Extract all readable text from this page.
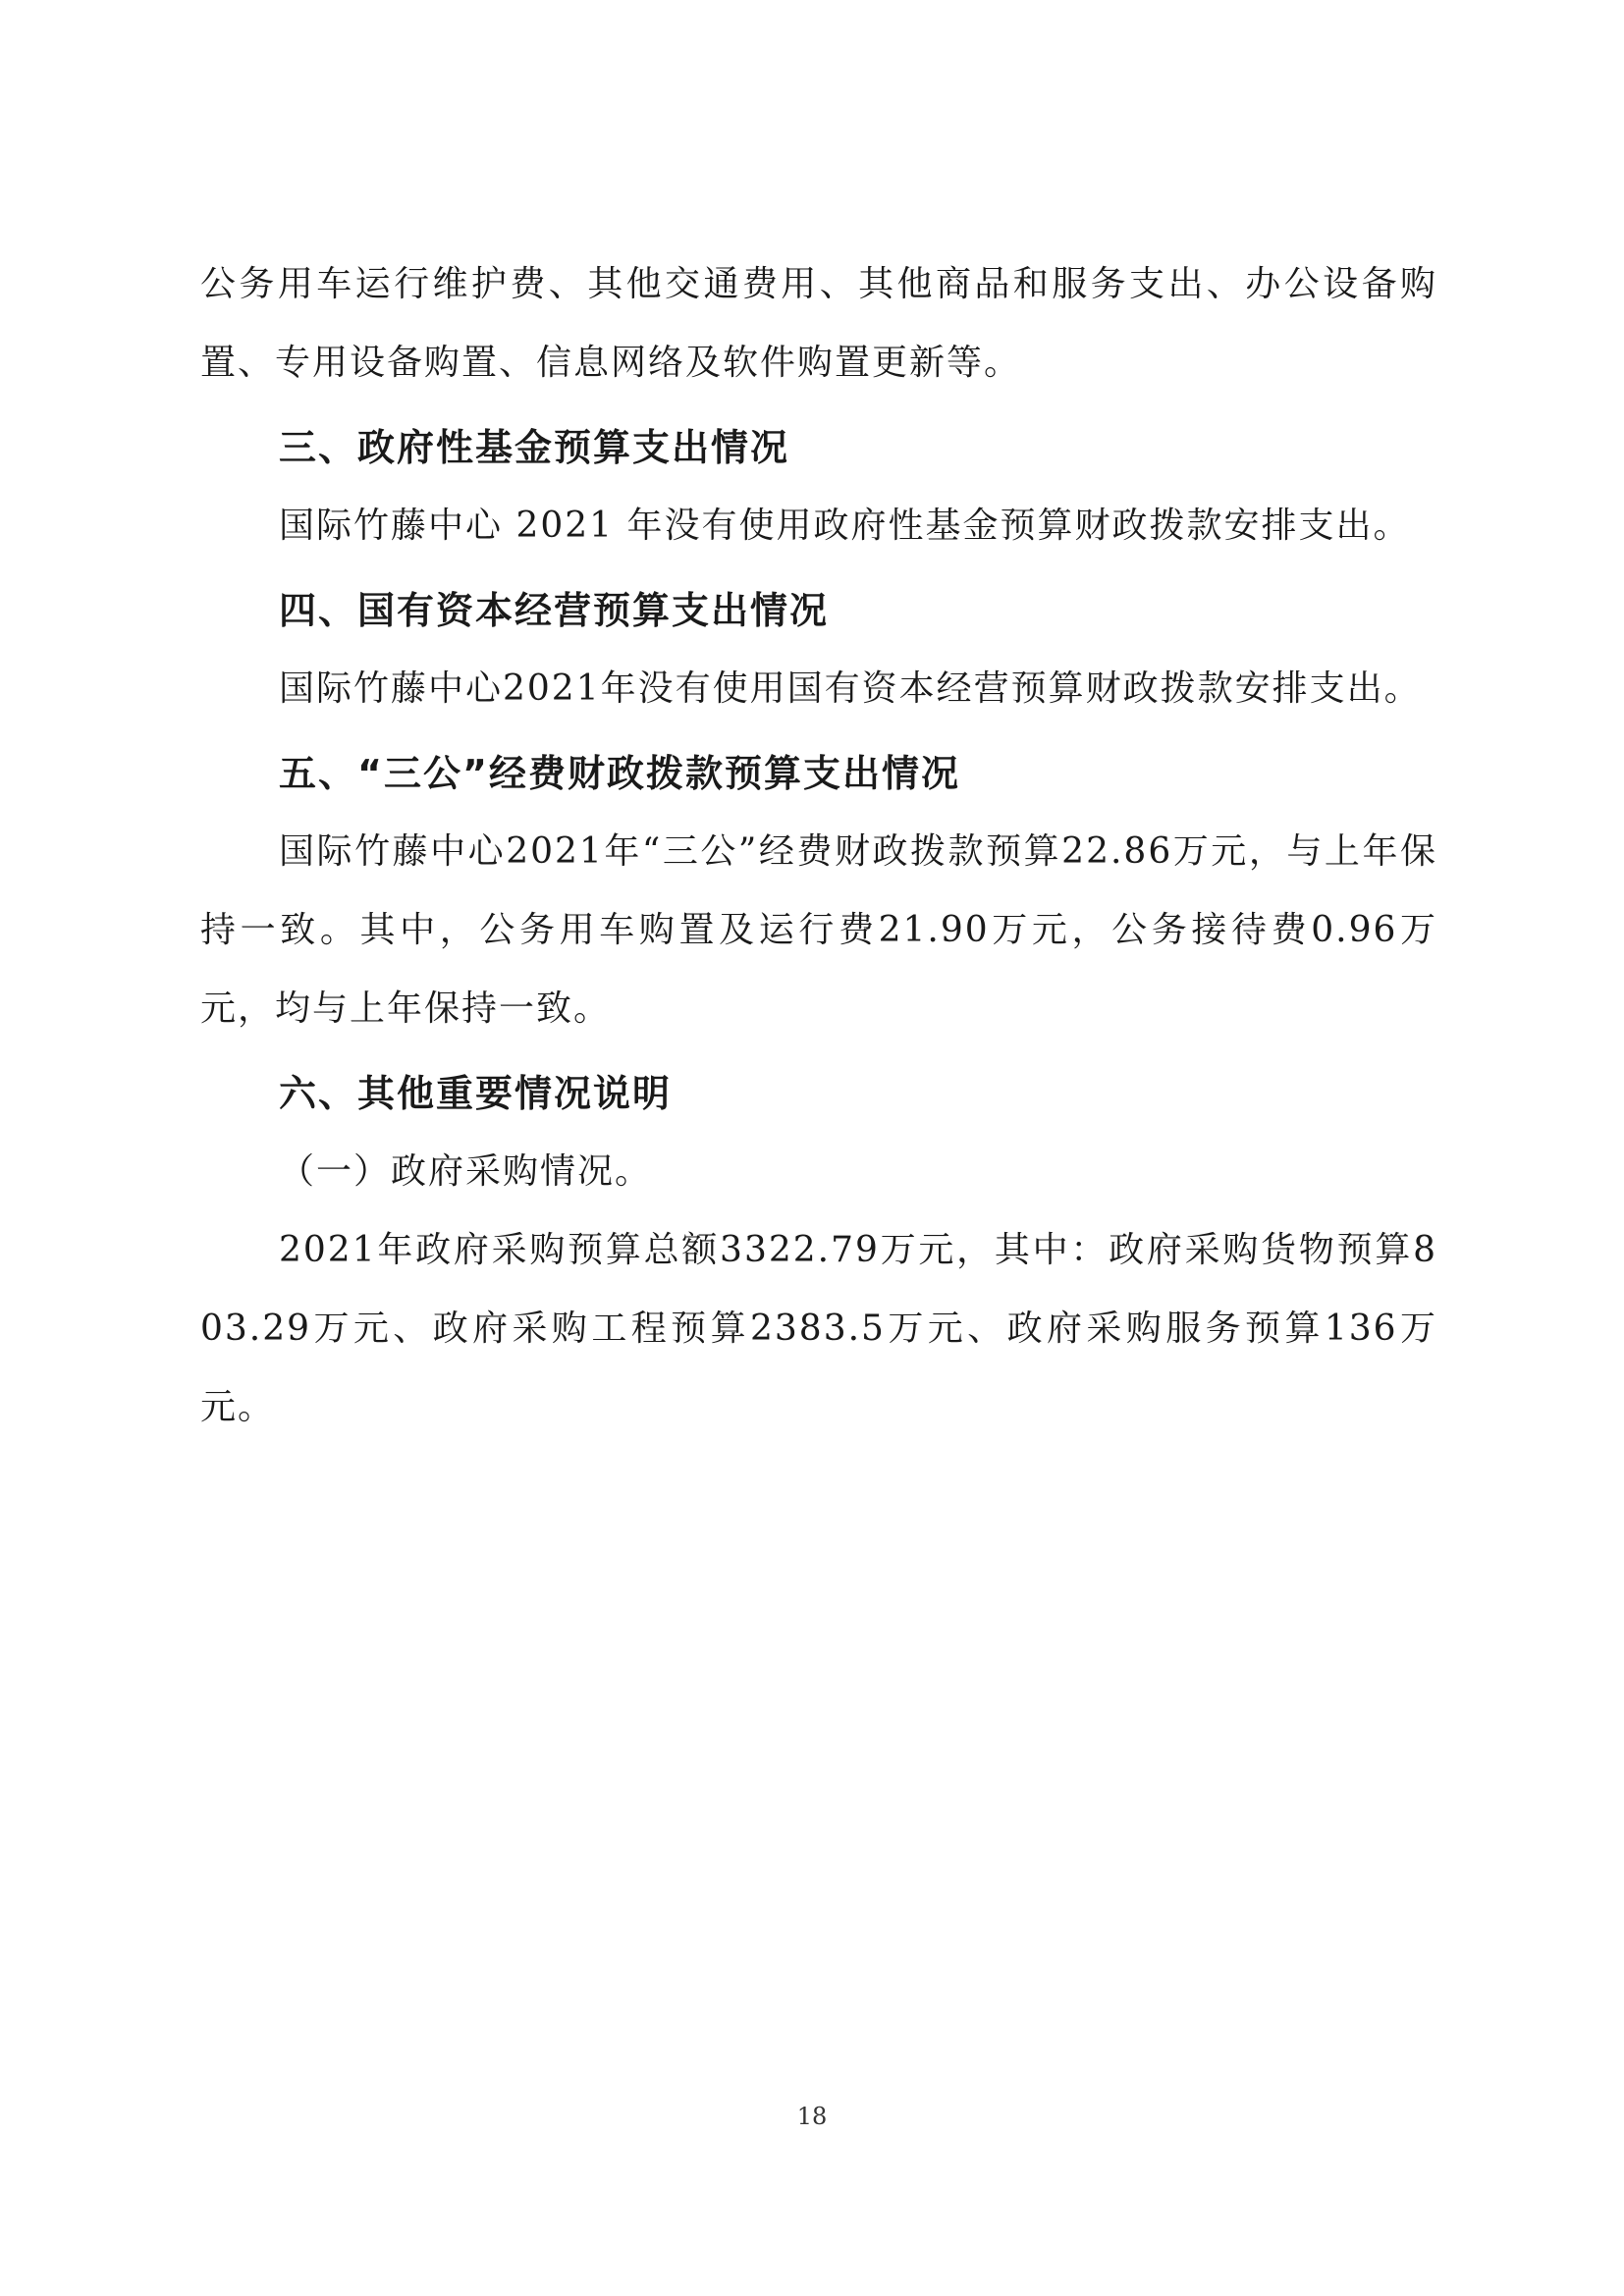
公务用车运行维护费、其他交通费用、其他商品和服务支出、办公设备购置、专用设备购置、信息网络及软件购置更新等。

三、政府性基金预算支出情况

国际竹藤中心 2021 年没有使用政府性基金预算财政拨款安排支出。

四、国有资本经营预算支出情况

国际竹藤中心2021年没有使用国有资本经营预算财政拨款安排支出。

五、“三公”经费财政拨款预算支出情况

国际竹藤中心2021年“三公”经费财政拨款预算22.86万元，与上年保持一致。其中，公务用车购置及运行费21.90万元，公务接待费0.96万元，均与上年保持一致。

六、其他重要情况说明

（一）政府采购情况。

2021年政府采购预算总额3322.79万元，其中：政府采购货物预算803.29万元、政府采购工程预算2383.5万元、政府采购服务预算136万元。

18
